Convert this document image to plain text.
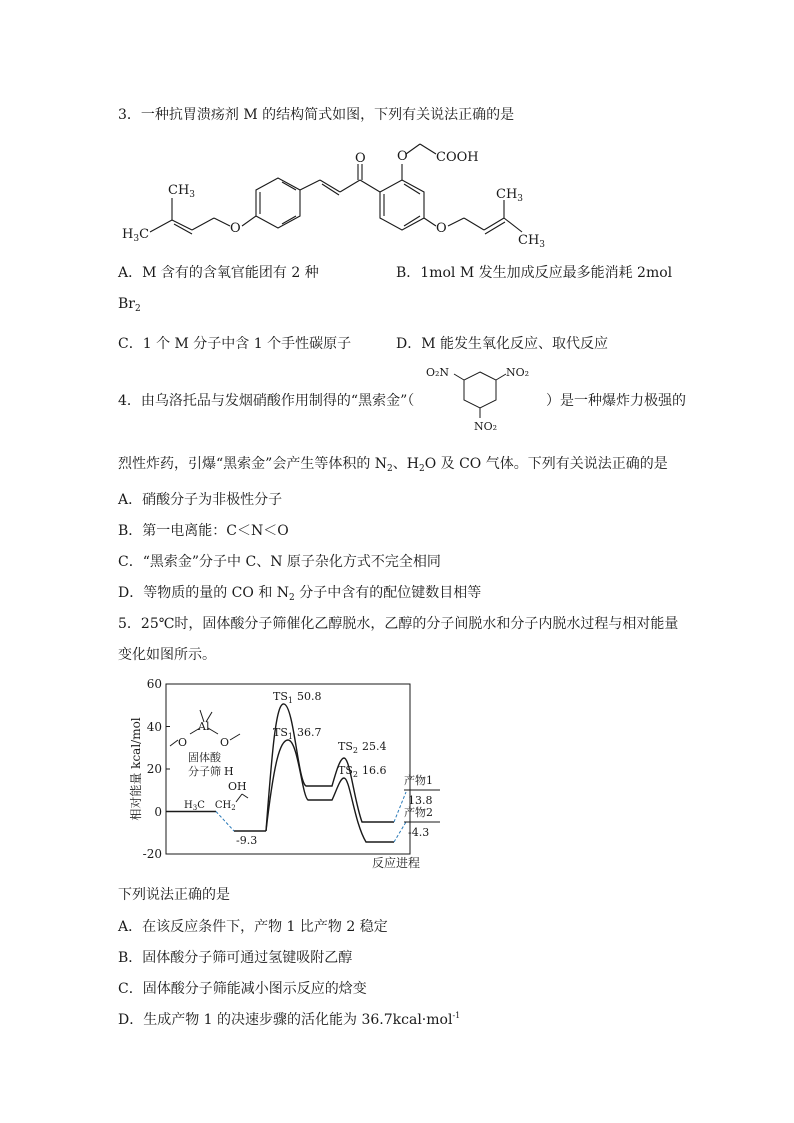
3．一种抗胃溃疡剂 M 的结构简式如图，下列有关说法正确的是
$CH_3$
$H_3C$	O
O O COOH
O
$CH_3$
$CH_3$
A．M 含有的含氧官能团有 2 种	B．1mol M 发生加成反应最多能消耗 2mol
$Br_2$
C．1 个 M 分子中含 1 个手性碳原子	D．M 能发生氧化反应、取代反应
4．由乌洛托品与发烟硝酸作用制得的“黑索金”（
O₂N	NO₂
NO₂
）是一种爆炸力极强的
烈性炸药，引爆“黑索金”会产生等体积的 $N_2$、$H_2O$ 及 CO 气体。下列有关说法正确的是
A．硝酸分子为非极性分子
B．第一电离能：C＜N＜O
C．“黑索金”分子中 C、N 原子杂化方式不完全相同
D．等物质的量的 CO 和 $N_2$ 分子中含有的配位键数目相等
5．25℃时，固体酸分子筛催化乙醇脱水，乙醇的分子间脱水和分子内脱水过程与相对能量
变化如图所示。
60
40
20
0
-20
相对能量 kcal/mol
反应进程
$TS_1$ 50.8
$TS_1$ 36.7
$TS_2$ 25.4
$TS_2$ 16.6
-9.3
产物1
13.8
产物2
-4.3
Al
O	O
固体酸
分子筛 H
OH
$H_3C$ $CH_2$
下列说法正确的是
A．在该反应条件下，产物 1 比产物 2 稳定
B．固体酸分子筛可通过氢键吸附乙醇
C．固体酸分子筛能减小图示反应的焓变
D．生成产物 1 的决速步骤的活化能为 36.7kcal·mol$^{-1}$
